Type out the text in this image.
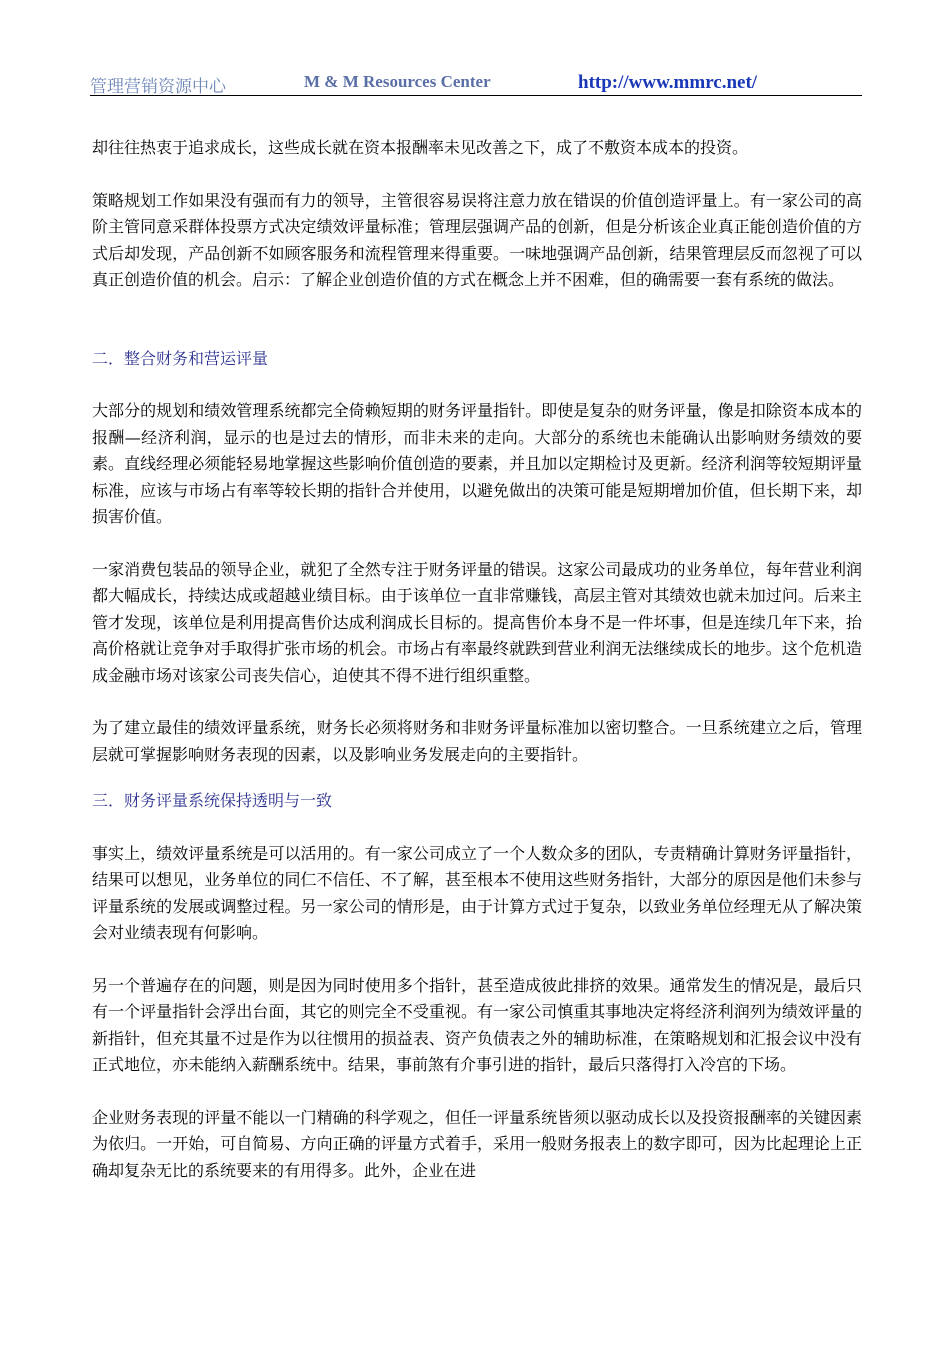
管理营销资源中心	M & M Resources Center	http://www.mmrc.net/

却往往热衷于追求成长，这些成长就在资本报酬率未见改善之下，成了不敷资本成本的投资。

策略规划工作如果没有强而有力的领导，主管很容易误将注意力放在错误的价值创造评量上。有一家公司的高阶主管同意采群体投票方式决定绩效评量标准；管理层强调产品的创新，但是分析该企业真正能创造价值的方式后却发现，产品创新不如顾客服务和流程管理来得重要。一味地强调产品创新，结果管理层反而忽视了可以真正创造价值的机会。启示：了解企业创造价值的方式在概念上并不困难，但的确需要一套有系统的做法。

二．整合财务和营运评量

大部分的规划和绩效管理系统都完全倚赖短期的财务评量指针。即使是复杂的财务评量，像是扣除资本成本的报酬—经济利润，显示的也是过去的情形，而非未来的走向。大部分的系统也未能确认出影响财务绩效的要素。直线经理必须能轻易地掌握这些影响价值创造的要素，并且加以定期检讨及更新。经济利润等较短期评量标准，应该与市场占有率等较长期的指针合并使用，以避免做出的决策可能是短期增加价值，但长期下来，却损害价值。

一家消费包装品的领导企业，就犯了全然专注于财务评量的错误。这家公司最成功的业务单位，每年营业利润都大幅成长，持续达成或超越业绩目标。由于该单位一直非常赚钱，高层主管对其绩效也就未加过问。后来主管才发现，该单位是利用提高售价达成利润成长目标的。提高售价本身不是一件坏事，但是连续几年下来，抬高价格就让竞争对手取得扩张市场的机会。市场占有率最终就跌到营业利润无法继续成长的地步。这个危机造成金融市场对该家公司丧失信心，迫使其不得不进行组织重整。

为了建立最佳的绩效评量系统，财务长必须将财务和非财务评量标准加以密切整合。一旦系统建立之后，管理层就可掌握影响财务表现的因素，以及影响业务发展走向的主要指针。

三．财务评量系统保持透明与一致

事实上，绩效评量系统是可以活用的。有一家公司成立了一个人数众多的团队，专责精确计算财务评量指针，结果可以想见，业务单位的同仁不信任、不了解，甚至根本不使用这些财务指针，大部分的原因是他们未参与评量系统的发展或调整过程。另一家公司的情形是，由于计算方式过于复杂，以致业务单位经理无从了解决策会对业绩表现有何影响。

另一个普遍存在的问题，则是因为同时使用多个指针，甚至造成彼此排挤的效果。通常发生的情况是，最后只有一个评量指针会浮出台面，其它的则完全不受重视。有一家公司慎重其事地决定将经济利润列为绩效评量的新指针，但充其量不过是作为以往惯用的损益表、资产负债表之外的辅助标准，在策略规划和汇报会议中没有正式地位，亦未能纳入薪酬系统中。结果，事前煞有介事引进的指针，最后只落得打入冷宫的下场。

企业财务表现的评量不能以一门精确的科学观之，但任一评量系统皆须以驱动成长以及投资报酬率的关键因素为依归。一开始，可自简易、方向正确的评量方式着手，采用一般财务报表上的数字即可，因为比起理论上正确却复杂无比的系统要来的有用得多。此外，企业在进
